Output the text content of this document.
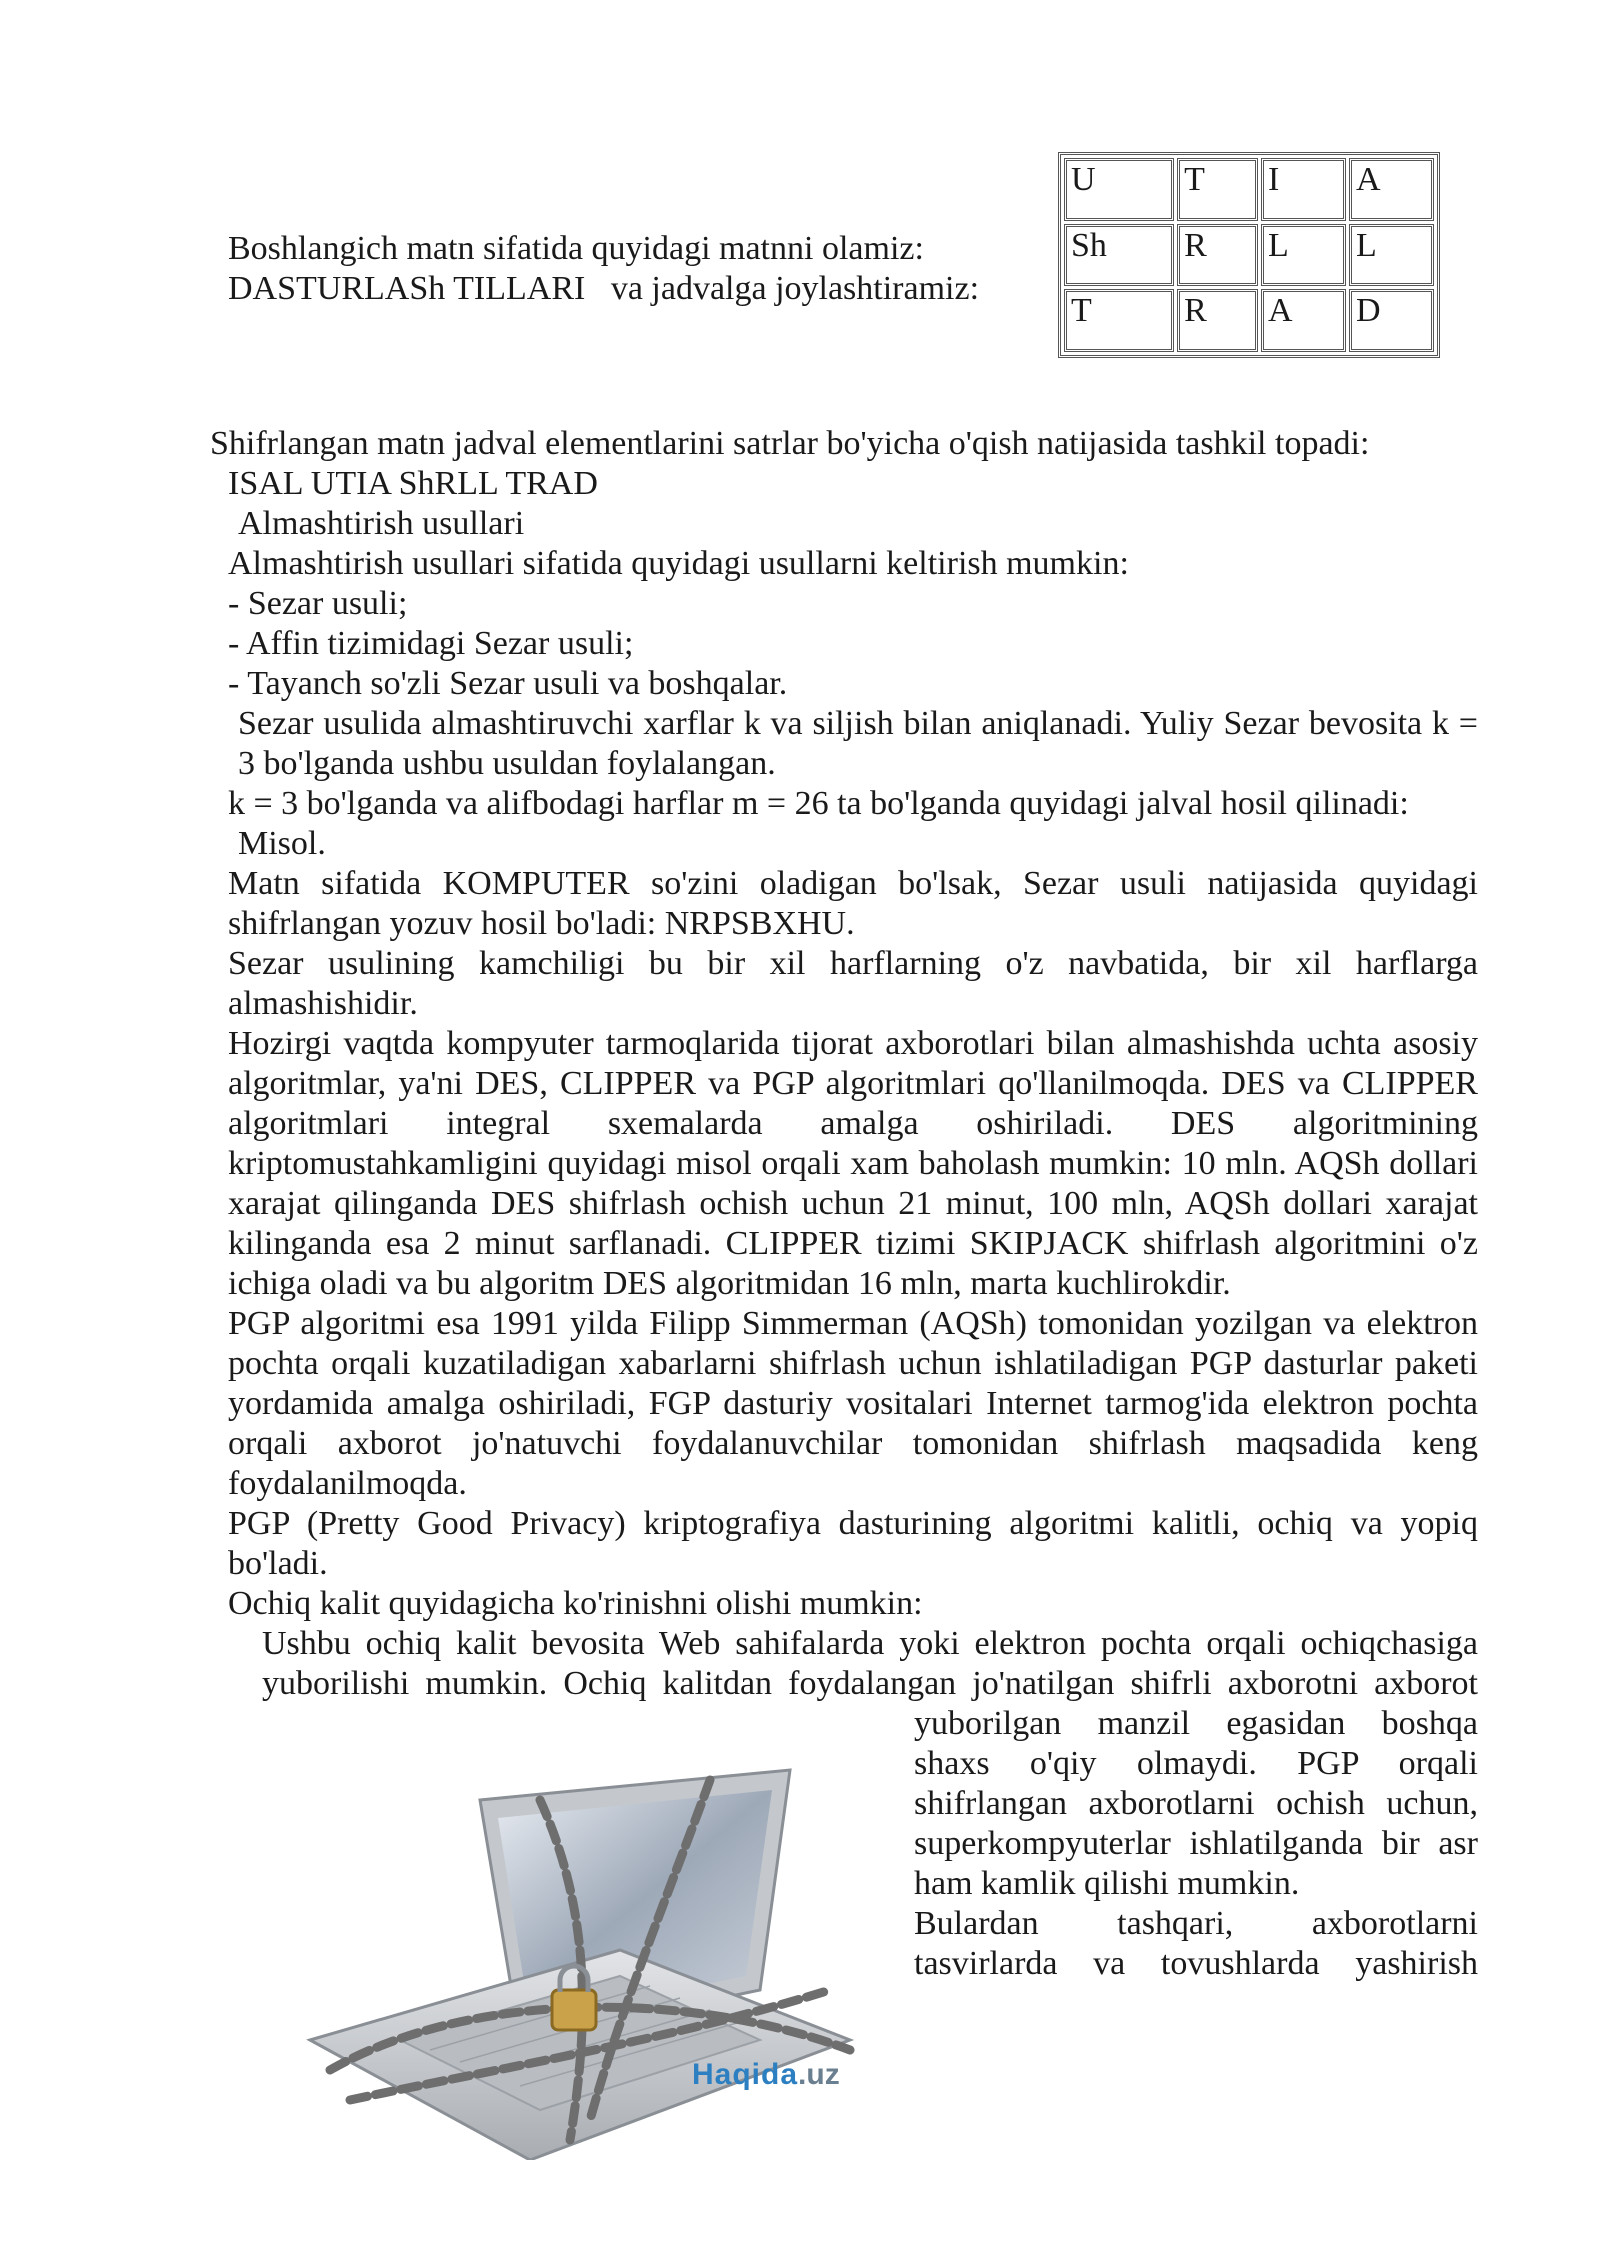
Boshlangich matn sifatida quyidagi matnni olamiz:
DASTURLASh TILLARI   va jadvalga joylashtiramiz:
U	T	I	A
Sh	R	L	L
T	R	A	D
Shifrlangan matn jadval elementlarini satrlar bo'yicha o'qish natijasida tashkil topadi:
ISAL UTIA ShRLL TRAD
Almashtirish usullari
Almashtirish usullari sifatida quyidagi usullarni keltirish mumkin:
- Sezar usuli;
- Affin tizimidagi Sezar usuli;
- Tayanch so'zli Sezar usuli va boshqalar.
Sezar usulida almashtiruvchi xarflar k va siljish bilan aniqlanadi. Yuliy Sezar bevosita k = 3 bo'lganda ushbu usuldan foylalangan.
k = 3 bo'lganda va alifbodagi harflar m = 26 ta bo'lganda quyidagi jalval hosil qilinadi:
Misol.
Matn sifatida KOMPUTER so'zini oladigan bo'lsak, Sezar usuli natijasida quyidagi shifrlangan yozuv hosil bo'ladi: NRPSBXHU.
Sezar usulining kamchiligi bu bir xil harflarning o'z navbatida, bir xil harflarga almashishidir.
Hozirgi vaqtda kompyuter tarmoqlarida tijorat axborotlari bilan almashishda uchta asosiy algoritmlar, ya'ni DES, CLIPPER va PGP algoritmlari qo'llanilmoqda. DES va CLIPPER algoritmlari integral sxemalarda amalga oshiriladi. DES algoritmining kriptomustahkamligini quyidagi misol orqali xam baholash mumkin: 10 mln. AQSh dollari xarajat qilinganda DES shifrlash ochish uchun 21 minut, 100 mln, AQSh dollari xarajat kilinganda esa 2 minut sarflanadi. CLIPPER tizimi SKIPJACK shifrlash algoritmini o'z ichiga oladi va bu algoritm DES algoritmidan 16 mln, marta kuchlirokdir.
PGP algoritmi esa 1991 yilda Filipp Simmerman (AQSh) tomonidan yozilgan va elektron pochta orqali kuzatiladigan xabarlarni shifrlash uchun ishlatiladigan PGP dasturlar paketi yordamida amalga oshiriladi, FGP dasturiy vositalari Internet tarmog'ida elektron pochta orqali axborot jo'natuvchi foydalanuvchilar tomonidan shifrlash maqsadida keng foydalanilmoqda.
PGP (Pretty Good Privacy) kriptografiya dasturining algoritmi kalitli, ochiq va yopiq bo'ladi.
Ochiq kalit quyidagicha ko'rinishni olishi mumkin:
Ushbu ochiq kalit bevosita Web sahifalarda yoki elektron pochta orqali ochiqchasiga yuborilishi mumkin. Ochiq kalitdan foydalangan jo'natilgan shifrli axborotni axborot
yuborilgan manzil egasidan boshqa shaxs o'qiy olmaydi. PGP orqali shifrlangan axborotlarni ochish uchun, superkompyuterlar ishlatilganda bir asr ham kamlik qilishi mumkin.
Bulardan tashqari, axborotlarni tasvirlarda va tovushlarda yashirish
Haqida.uz
